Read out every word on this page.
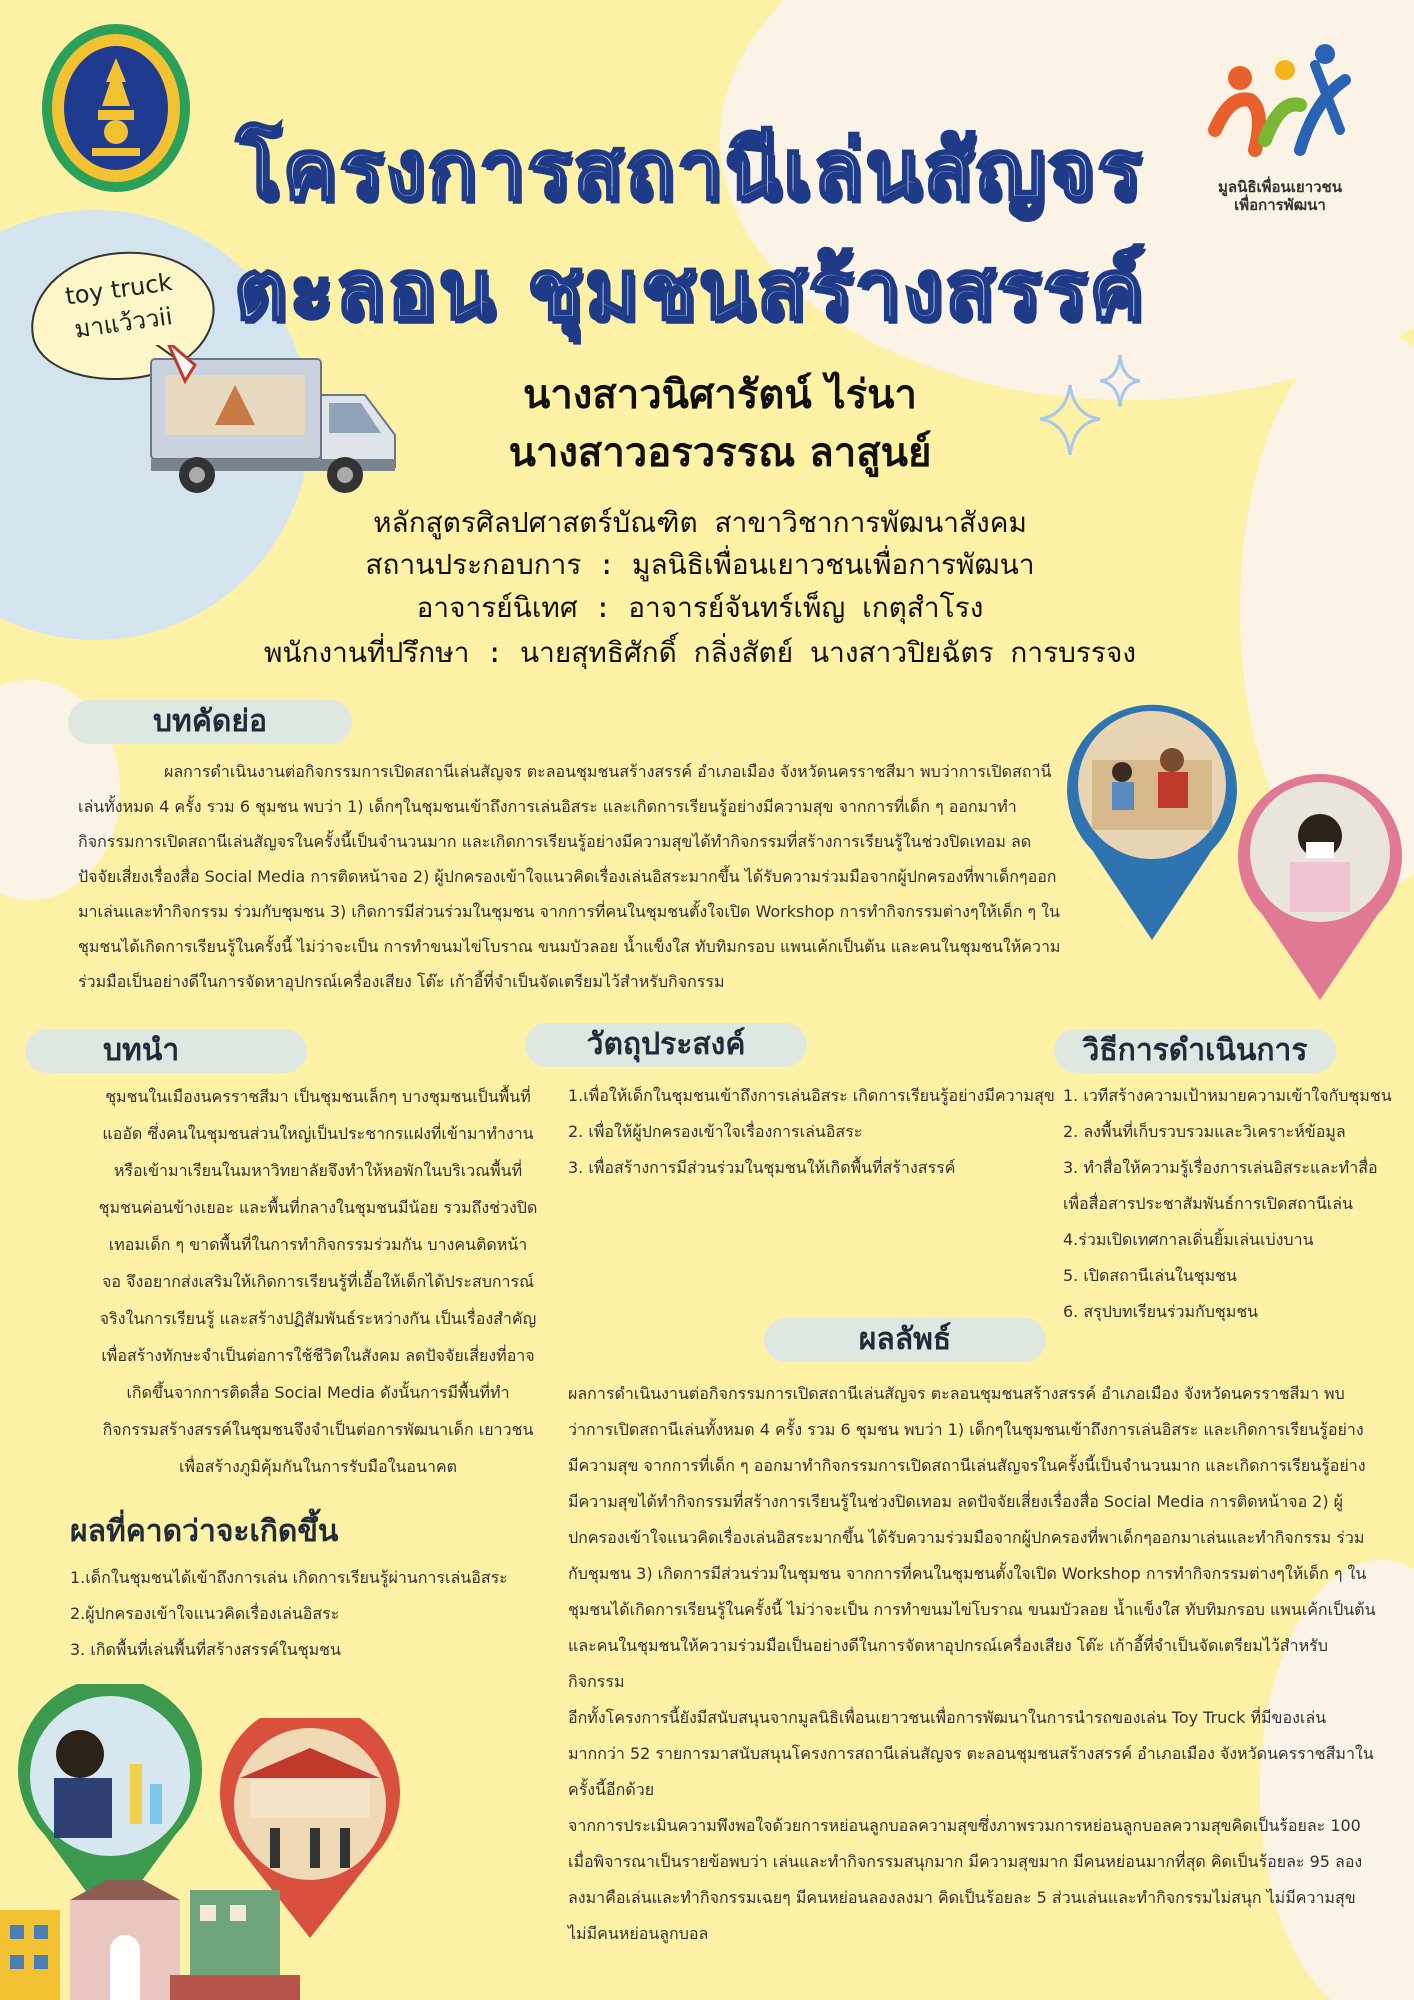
มูลนิธิเพื่อนเยาวชน
เพื่อการพัฒนา
โครงการสถานีเล่นสัญจร
ตะลอน ชุมชนสร้างสรรค์
toy truck
มาแว้ววii
นางสาวนิศารัตน์ ไร่นา
นางสาวอรวรรณ ลาสูนย์
หลักสูตรศิลปศาสตร์บัณฑิต สาขาวิชาการพัฒนาสังคม
สถานประกอบการ : มูลนิธิเพื่อนเยาวชนเพื่อการพัฒนา
อาจารย์นิเทศ : อาจารย์จันทร์เพ็ญ เกตุสำโรง
พนักงานที่ปรึกษา : นายสุทธิศักดิ์ กลิ่งสัตย์ นางสาวปิยฉัตร การบรรจง
บทคัดย่อ

ผลการดำเนินงานต่อกิจกรรมการเปิดสถานีเล่นสัญจร ตะลอนชุมชนสร้างสรรค์ อำเภอเมือง จังหวัดนครราชสีมา พบว่าการเปิดสถานี

เล่นทั้งหมด 4 ครั้ง รวม 6 ชุมชน พบว่า 1) เด็กๆในชุมชนเข้าถึงการเล่นอิสระ และเกิดการเรียนรู้อย่างมีความสุข จากการที่เด็ก ๆ ออกมาทำ

กิจกรรมการเปิดสถานีเล่นสัญจรในครั้งนี้เป็นจำนวนมาก และเกิดการเรียนรู้อย่างมีความสุขได้ทำกิจกรรมที่สร้างการเรียนรู้ในช่วงปิดเทอม ลด

ปัจจัยเสี่ยงเรื่องสื่อ Social Media การติดหน้าจอ 2) ผู้ปกครองเข้าใจแนวคิดเรื่องเล่นอิสระมากขึ้น ได้รับความร่วมมือจากผู้ปกครองที่พาเด็กๆออก

มาเล่นและทำกิจกรรม ร่วมกับชุมชน 3) เกิดการมีส่วนร่วมในชุมชน จากการที่คนในชุมชนตั้งใจเปิด Workshop การทำกิจกรรมต่างๆให้เด็ก ๆ ใน

ชุมชนได้เกิดการเรียนรู้ในครั้งนี้ ไม่ว่าจะเป็น การทำขนมไข่โบราณ ขนมบัวลอย น้ำแข็งใส ทับทิมกรอบ แพนเค้กเป็นต้น และคนในชุมชนให้ความ

ร่วมมือเป็นอย่างดีในการจัดหาอุปกรณ์เครื่องเสียง โต๊ะ เก้าอี้ที่จำเป็นจัดเตรียมไว้สำหรับกิจกรรม

บทนำ

ชุมชนในเมืองนครราชสีมา เป็นชุมชนเล็กๆ บางชุมชนเป็นพื้นที่

แออัด ซึ่งคนในชุมชนส่วนใหญ่เป็นประชากรแฝงที่เข้ามาทำงาน

หรือเข้ามาเรียนในมหาวิทยาลัยจึงทำให้หอพักในบริเวณพื้นที่

ชุมชนค่อนข้างเยอะ และพื้นที่กลางในชุมชนมีน้อย รวมถึงช่วงปิด

เทอมเด็ก ๆ ขาดพื้นที่ในการทำกิจกรรมร่วมกัน บางคนติดหน้า

จอ จึงอยากส่งเสริมให้เกิดการเรียนรู้ที่เอื้อให้เด็กได้ประสบการณ์

จริงในการเรียนรู้ และสร้างปฏิสัมพันธ์ระหว่างกัน เป็นเรื่องสำคัญ

เพื่อสร้างทักษะจำเป็นต่อการใช้ชีวิตในสังคม ลดปัจจัยเสี่ยงที่อาจ

เกิดขึ้นจากการติดสื่อ Social Media ดังนั้นการมีพื้นที่ทำ

กิจกรรมสร้างสรรค์ในชุมชนจึงจำเป็นต่อการพัฒนาเด็ก เยาวชน

เพื่อสร้างภูมิคุ้มกันในการรับมือในอนาคต

วัตถุประสงค์
1.เพื่อให้เด็กในชุมชนเข้าถึงการเล่นอิสระ เกิดการเรียนรู้อย่างมีความสุข
2. เพื่อให้ผู้ปกครองเข้าใจเรื่องการเล่นอิสระ
3. เพื่อสร้างการมีส่วนร่วมในชุมชนให้เกิดพื้นที่สร้างสรรค์
วิธีการดำเนินการ
1. เวทีสร้างความเป้าหมายความเข้าใจกับชุมชน
2. ลงพื้นที่เก็บรวบรวมและวิเคราะห์ข้อมูล
3. ทำสื่อให้ความรู้เรื่องการเล่นอิสระและทำสื่อ
เพื่อสื่อสารประชาสัมพันธ์การเปิดสถานีเล่น
4.ร่วมเปิดเทศกาลเดิ่นยิ้มเล่นเบ่งบาน
5. เปิดสถานีเล่นในชุมชน
6. สรุปบทเรียนร่วมกับชุมชน
ผลลัพธ์

ผลการดำเนินงานต่อกิจกรรมการเปิดสถานีเล่นสัญจร ตะลอนชุมชนสร้างสรรค์ อำเภอเมือง จังหวัดนครราชสีมา พบ

ว่าการเปิดสถานีเล่นทั้งหมด 4 ครั้ง รวม 6 ชุมชน พบว่า 1) เด็กๆในชุมชนเข้าถึงการเล่นอิสระ และเกิดการเรียนรู้อย่าง

มีความสุข จากการที่เด็ก ๆ ออกมาทำกิจกรรมการเปิดสถานีเล่นสัญจรในครั้งนี้เป็นจำนวนมาก และเกิดการเรียนรู้อย่าง

มีความสุขได้ทำกิจกรรมที่สร้างการเรียนรู้ในช่วงปิดเทอม ลดปัจจัยเสี่ยงเรื่องสื่อ Social Media การติดหน้าจอ 2) ผู้

ปกครองเข้าใจแนวคิดเรื่องเล่นอิสระมากขึ้น ได้รับความร่วมมือจากผู้ปกครองที่พาเด็กๆออกมาเล่นและทำกิจกรรม ร่วม

กับชุมชน 3) เกิดการมีส่วนร่วมในชุมชน จากการที่คนในชุมชนตั้งใจเปิด Workshop การทำกิจกรรมต่างๆให้เด็ก ๆ ใน

ชุมชนได้เกิดการเรียนรู้ในครั้งนี้ ไม่ว่าจะเป็น การทำขนมไข่โบราณ ขนมบัวลอย น้ำแข็งใส ทับทิมกรอบ แพนเค้กเป็นต้น

และคนในชุมชนให้ความร่วมมือเป็นอย่างดีในการจัดหาอุปกรณ์เครื่องเสียง โต๊ะ เก้าอี้ที่จำเป็นจัดเตรียมไว้สำหรับ

กิจกรรม

อีกทั้งโครงการนี้ยังมีสนับสนุนจากมูลนิธิเพื่อนเยาวชนเพื่อการพัฒนาในการนำรถของเล่น Toy Truck ที่มีของเล่น

มากกว่า 52 รายการมาสนับสนุนโครงการสถานีเล่นสัญจร ตะลอนชุมชนสร้างสรรค์ อำเภอเมือง จังหวัดนครราชสีมาใน

ครั้งนี้อีกด้วย

จากการประเมินความพึงพอใจด้วยการหย่อนลูกบอลความสุขซึ่งภาพรวมการหย่อนลูกบอลความสุขคิดเป็นร้อยละ 100

เมื่อพิจารณาเป็นรายข้อพบว่า เล่นและทำกิจกรรมสนุกมาก มีความสุขมาก มีคนหย่อนมากที่สุด คิดเป็นร้อยละ 95 ลอง

ลงมาคือเล่นและทำกิจกรรมเฉยๆ มีคนหย่อนลองลงมา คิดเป็นร้อยละ 5 ส่วนเล่นและทำกิจกรรมไม่สนุก ไม่มีความสุข

ไม่มีคนหย่อนลูกบอล

ผลที่คาดว่าจะเกิดขึ้น
1.เด็กในชุมชนได้เข้าถึงการเล่น เกิดการเรียนรู้ผ่านการเล่นอิสระ
2.ผู้ปกครองเข้าใจแนวคิดเรื่องเล่นอิสระ
3. เกิดพื้นที่เล่นพื้นที่สร้างสรรค์ในชุมชน
